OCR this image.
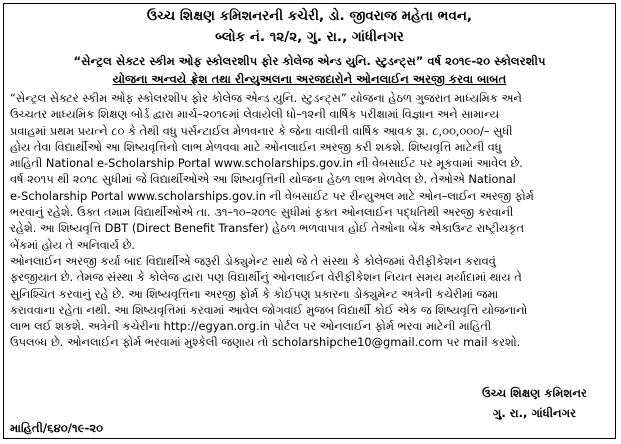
ઉચ્ચ શિક્ષણ કમિશનરની કચેરી, ડો. જીવરાજ મહેતા ભવન,
બ્લોક નં. ૧૨/૨, ગુ. રા., ગાંધીનગર
“સેન્ટ્રલ સેક્ટર સ્કીમ ઓફ સ્કોલરશીપ ફોર કોલેજ એન્ડ યુનિ. સ્ટુડન્ટ્સ” વર્ષ ૨૦૧૯-૨૦ સ્કોલરશીપ
યોજના અન્વયે ફ્રેશ તથા રીન્યુઅલના અરજદારોને ઓનલાઈન અરજી કરવા બાબત
“સેન્ટ્રલ સેક્ટર સ્કીમ ઓફ સ્કોલરશીપ ફોર કોલેજ એન્ડ યુનિ. સ્ટુડન્ટ્સ” યોજના હેઠળ ગુજરાત માધ્યમિક અને
ઉચ્ચતર માધ્યમિક શિક્ષણ બોર્ડ દ્વારા માર્ચ–૨૦૧૯માં લેવાયેલી ધો–૧૨ની વાર્ષિક પરીક્ષામાં વિજ્ઞાન અને સામાન્ય
પ્રવાહમાં પ્રથમ પ્રયત્ને ૮૦ કે તેથી વધુ પર્સન્ટાઈલ મેળવનાર કે જેના વાલીની વાર્ષિક આવક રૂા. ૮,૦૦,૦૦૦/– સુધી
હોય તેવા વિદ્યાર્થીઓ આ શિષ્યવૃત્તિનો લાભ મેળવવા માટે ઓનલાઈન અરજી કરી શકશે. શિષ્યવૃત્તિ માટેની વધુ
માહિતી National e-Scholarship Portal www.scholarships.gov.in ની વેબસાઈટ પર મૂકવામાં આવેલ છે.
વર્ષ ૨૦૧૫ થી ૨૦૧૮ સુધીમાં જે વિદ્યાર્થીઓએ આ શિષ્યવૃત્તિની યોજના હેઠળ લાભ મેળવેલ છે. તેઓએ National
e-Scholarship Portal www.scholarships.gov.in ની વેબસાઈટ પર રીન્યુઅલ માટે ઓન–લાઈન અરજી ફોર્મ
ભરવાનું રહેશે. ઉક્ત તમામ વિદ્યાર્થીઓએ તા. ૩૧–૧૦–૨૦૧૯ સુધીમાં ફક્ત ઓનલાઈન પદ્ધતિથી અરજી કરવાની
રહેશે. આ શિષ્યવૃત્તિ DBT (Direct Benefit Transfer) હેઠળ ભળવાપાત્ર હોઈ તેઓના બેંક એકાઉન્ટ રાષ્ટ્રીયકૃત
બેંકમાં હોય તે અનિવાર્ય છે.
ઓનલાઈન અરજી કર્યા બાદ વિદ્યાર્થીએ જરૂરી ડોક્યુમેન્ટ સાથે જે તે સંસ્થા કે કોલેજમાં વેરીફીકેશન કરાવવું
ફરજીયાત છે. તેમજ સંસ્થા કે કોલેજ દ્વારા પણ વિદ્યાર્થીનું ઓનલાઈન વેરીફીકેશન નિયત સમય મર્યાદામાં થાય તે
સુનિશ્ચિત કરવાનું રહે છે. આ શિષ્યવૃત્તિના અરજી ફોર્મ કે કોઈપણ પ્રકારના ડોક્યુમેન્ટ અત્રેની કચેરીમાં જમા
કરાવવાના રહેતા નથી. આ શિષ્યવૃત્તિમાં કરવામાં આવેલ જોગવાઈ મુજબ વિદ્યાર્થી કોઈ એક જ શિષ્યવૃત્તિ યોજનાનો
લાભ લઈ શકશે. અત્રેની કચેરીના http://egyan.org.in પોર્ટલ પર ઓનલાઈન ફોર્મ ભરવા માટેની માહિતી
ઉપલબ્ધ છે. ઓનલાઈન ફોર્મ ભરવામાં મુશ્કેલી જણાય તો scholarshipche10@gmail.com પર mail કરશો.
ઉચ્ચ શિક્ષણ કમિશનર
ગુ. રા., ગાંધીનગર
માહિતી/૬૪૦/૧૯-૨૦
